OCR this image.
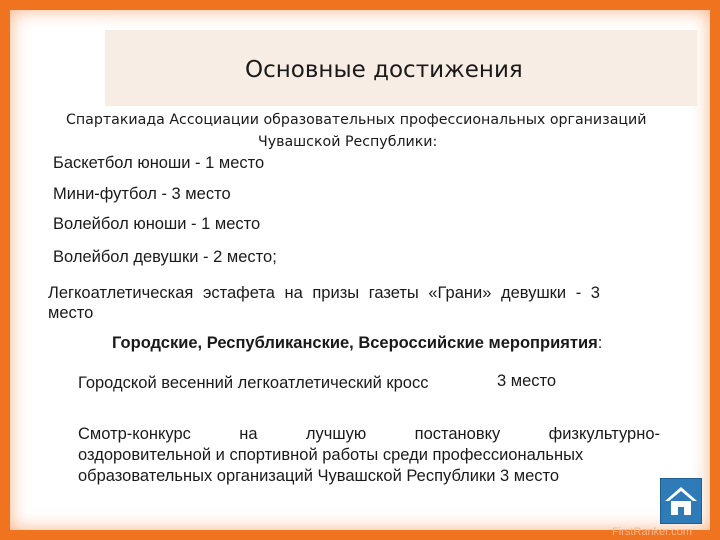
Основные достижения
Спартакиада Ассоциации образовательных профессиональных организаций
Чувашской Республики:
Баскетбол юноши - 1 место
Мини-футбол - 3 место
Волейбол юноши - 1 место
Волейбол девушки - 2 место;
Легкоатлетическая эстафета на призы газеты «Грани» девушки - 3
место
Городские, Республиканские, Всероссийские мероприятия:
Городской весенний легкоатлетический кросс	3 место
Смотр-конкурс на лучшую постановку физкультурно-
оздоровительной и спортивной работы среди профессиональных
образовательных организаций Чувашской Республики 3 место
FirstRanker.com
